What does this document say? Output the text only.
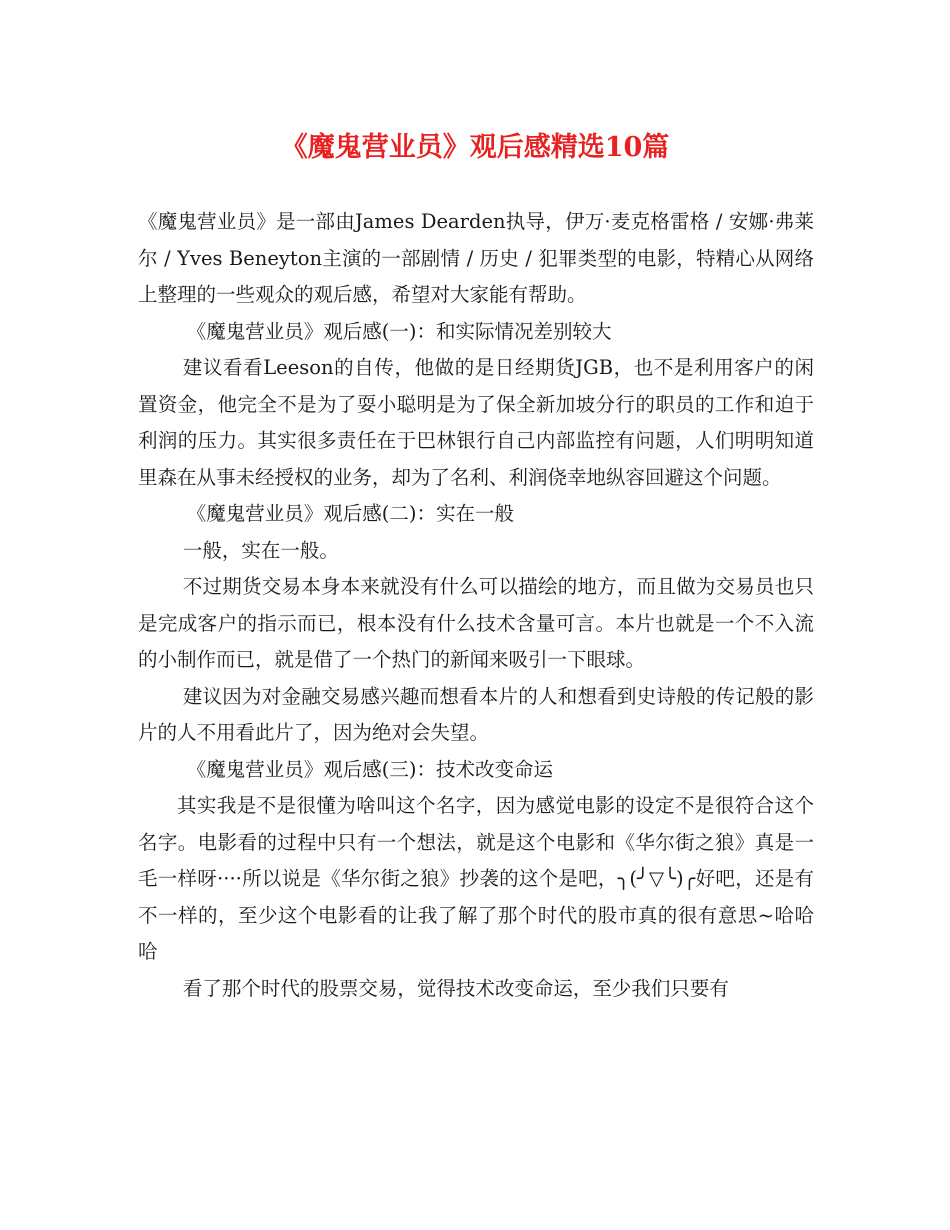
《魔鬼营业员》观后感精选10篇

《魔鬼营业员》是一部由James Dearden执导，伊万·麦克格雷格 / 安娜·弗莱尔 / Yves Beneyton主演的一部剧情 / 历史 / 犯罪类型的电影，特精心从网络上整理的一些观众的观后感，希望对大家能有帮助。

《魔鬼营业员》观后感(一)：和实际情况差别较大

建议看看Leeson的自传，他做的是日经期货JGB，也不是利用客户的闲置资金，他完全不是为了耍小聪明是为了保全新加坡分行的职员的工作和迫于利润的压力。其实很多责任在于巴林银行自己内部监控有问题，人们明明知道里森在从事未经授权的业务，却为了名利、利润侥幸地纵容回避这个问题。

《魔鬼营业员》观后感(二)：实在一般

一般，实在一般。

不过期货交易本身本来就没有什么可以描绘的地方，而且做为交易员也只是完成客户的指示而已，根本没有什么技术含量可言。本片也就是一个不入流的小制作而已，就是借了一个热门的新闻来吸引一下眼球。

建议因为对金融交易感兴趣而想看本片的人和想看到史诗般的传记般的影片的人不用看此片了，因为绝对会失望。

《魔鬼营业员》观后感(三)：技术改变命运

其实我是不是很懂为啥叫这个名字，因为感觉电影的设定不是很符合这个名字。电影看的过程中只有一个想法，就是这个电影和《华尔街之狼》真是一毛一样呀····所以说是《华尔街之狼》抄袭的这个是吧，╮(╯▽╰)╭好吧，还是有不一样的，至少这个电影看的让我了解了那个时代的股市真的很有意思~哈哈哈

看了那个时代的股票交易，觉得技术改变命运，至少我们只要有
